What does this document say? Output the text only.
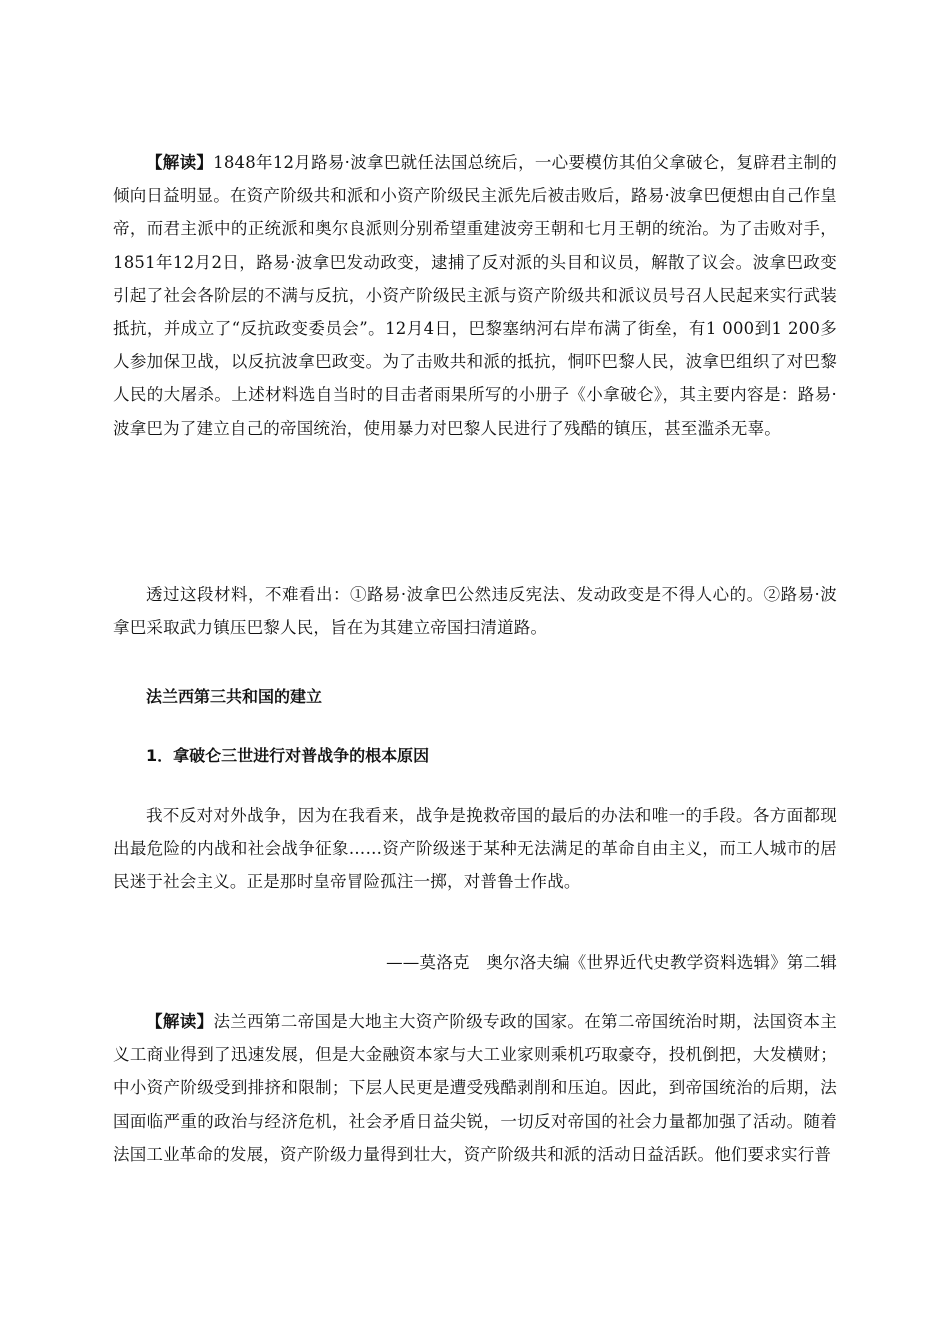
【解读】1848年12月路易·波拿巴就任法国总统后，一心要模仿其伯父拿破仑，复辟君主制的倾向日益明显。在资产阶级共和派和小资产阶级民主派先后被击败后，路易·波拿巴便想由自己作皇帝，而君主派中的正统派和奥尔良派则分别希望重建波旁王朝和七月王朝的统治。为了击败对手，1851年12月2日，路易·波拿巴发动政变，逮捕了反对派的头目和议员，解散了议会。波拿巴政变引起了社会各阶层的不满与反抗，小资产阶级民主派与资产阶级共和派议员号召人民起来实行武装抵抗，并成立了“反抗政变委员会”。12月4日，巴黎塞纳河右岸布满了街垒，有1 000到1 200多人参加保卫战，以反抗波拿巴政变。为了击败共和派的抵抗，恫吓巴黎人民，波拿巴组织了对巴黎人民的大屠杀。上述材料选自当时的目击者雨果所写的小册子《小拿破仑》，其主要内容是：路易·波拿巴为了建立自己的帝国统治，使用暴力对巴黎人民进行了残酷的镇压，甚至滥杀无辜。

透过这段材料，不难看出：①路易·波拿巴公然违反宪法、发动政变是不得人心的。②路易·波拿巴采取武力镇压巴黎人民，旨在为其建立帝国扫清道路。

法兰西第三共和国的建立

1．拿破仑三世进行对普战争的根本原因

我不反对对外战争，因为在我看来，战争是挽救帝国的最后的办法和唯一的手段。各方面都现出最危险的内战和社会战争征象……资产阶级迷于某种无法满足的革命自由主义，而工人城市的居民迷于社会主义。正是那时皇帝冒险孤注一掷，对普鲁士作战。

——莫洛克　奥尔洛夫编《世界近代史教学资料选辑》第二辑

【解读】法兰西第二帝国是大地主大资产阶级专政的国家。在第二帝国统治时期，法国资本主义工商业得到了迅速发展，但是大金融资本家与大工业家则乘机巧取豪夺，投机倒把，大发横财；中小资产阶级受到排挤和限制；下层人民更是遭受残酷剥削和压迫。因此，到帝国统治的后期，法国面临严重的政治与经济危机，社会矛盾日益尖锐，一切反对帝国的社会力量都加强了活动。随着法国工业革命的发展，资产阶级力量得到壮大，资产阶级共和派的活动日益活跃。他们要求实行普
